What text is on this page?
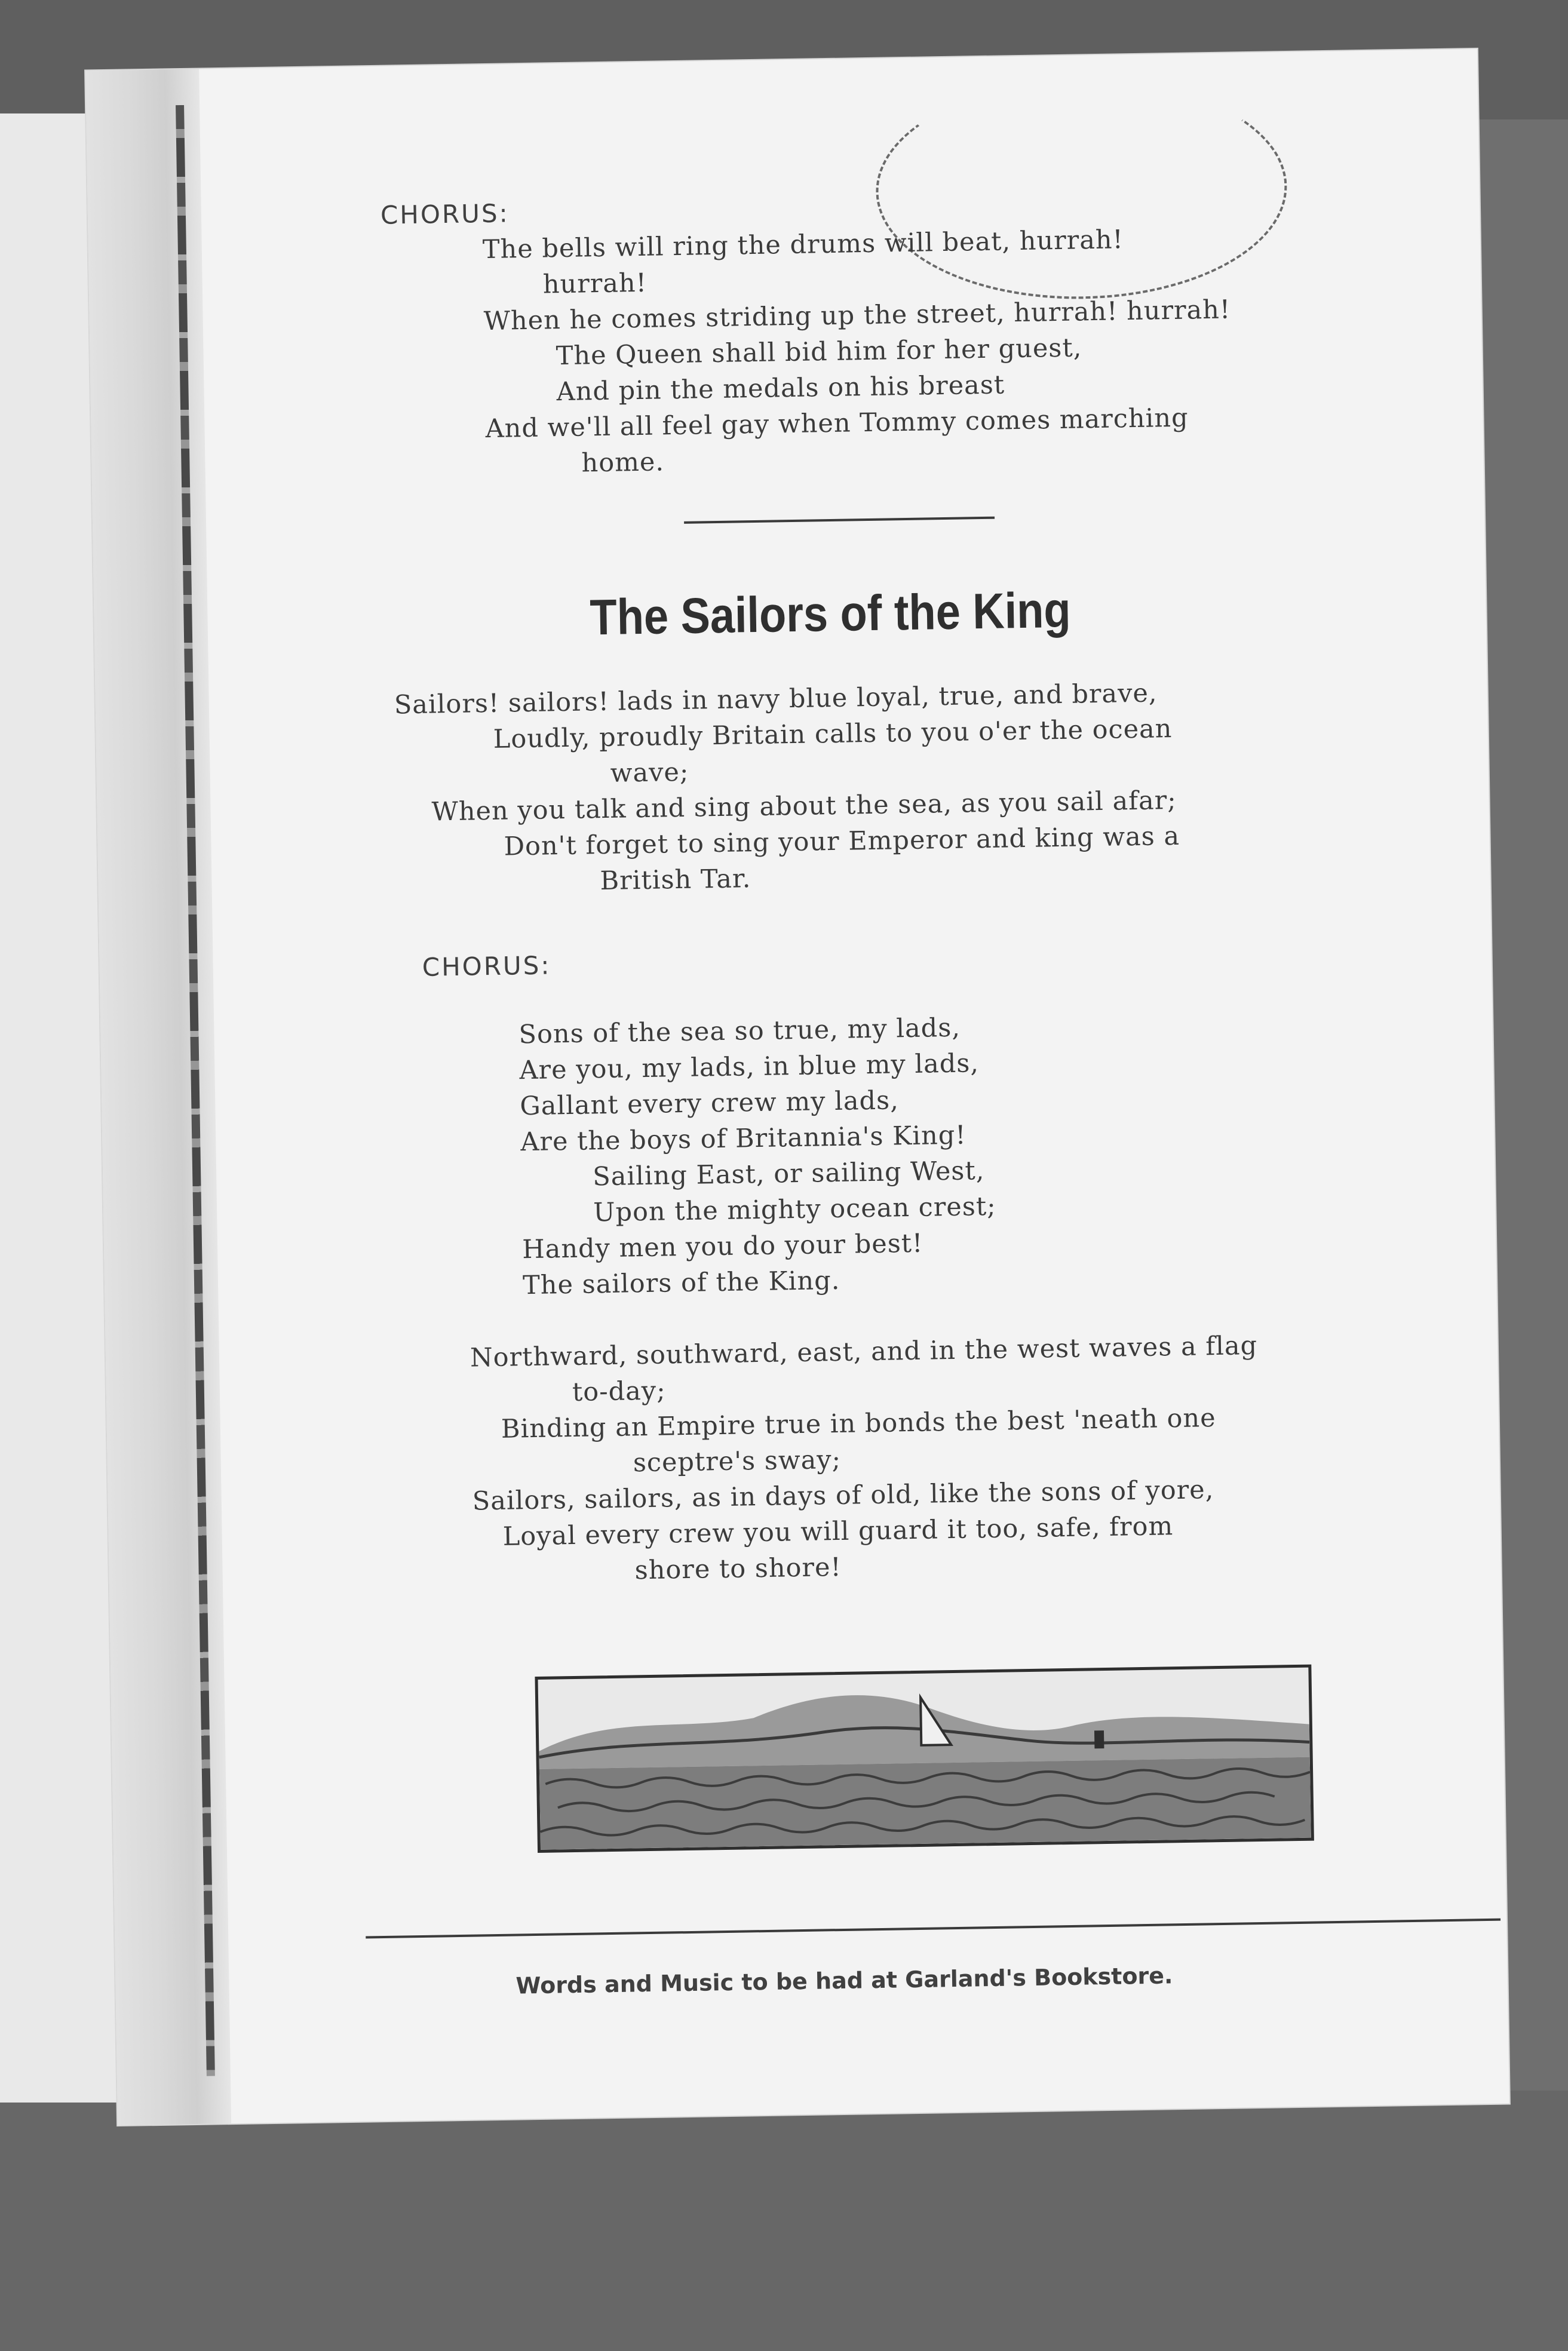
CHORUS:
The bells will ring the drums will beat, hurrah!
hurrah!
When he comes striding up the street, hurrah! hurrah!
The Queen shall bid him for her guest,
And pin the medals on his breast
And we'll all feel gay when Tommy comes marching
home.
The Sailors of the King
Sailors! sailors! lads in navy blue loyal, true, and brave,
Loudly, proudly Britain calls to you o'er the ocean
wave;
When you talk and sing about the sea, as you sail afar;
Don't forget to sing your Emperor and king was a
British Tar.
CHORUS:
Sons of the sea so true, my lads,
Are you, my lads, in blue my lads,
Gallant every crew my lads,
Are the boys of Britannia's King!
Sailing East, or sailing West,
Upon the mighty ocean crest;
Handy men you do your best!
The sailors of the King.
Northward, southward, east, and in the west waves a flag
to-day;
Binding an Empire true in bonds the best 'neath one
sceptre's sway;
Sailors, sailors, as in days of old, like the sons of yore,
Loyal every crew you will guard it too, safe, from
shore to shore!
Words and Music to be had at Garland's Bookstore.
